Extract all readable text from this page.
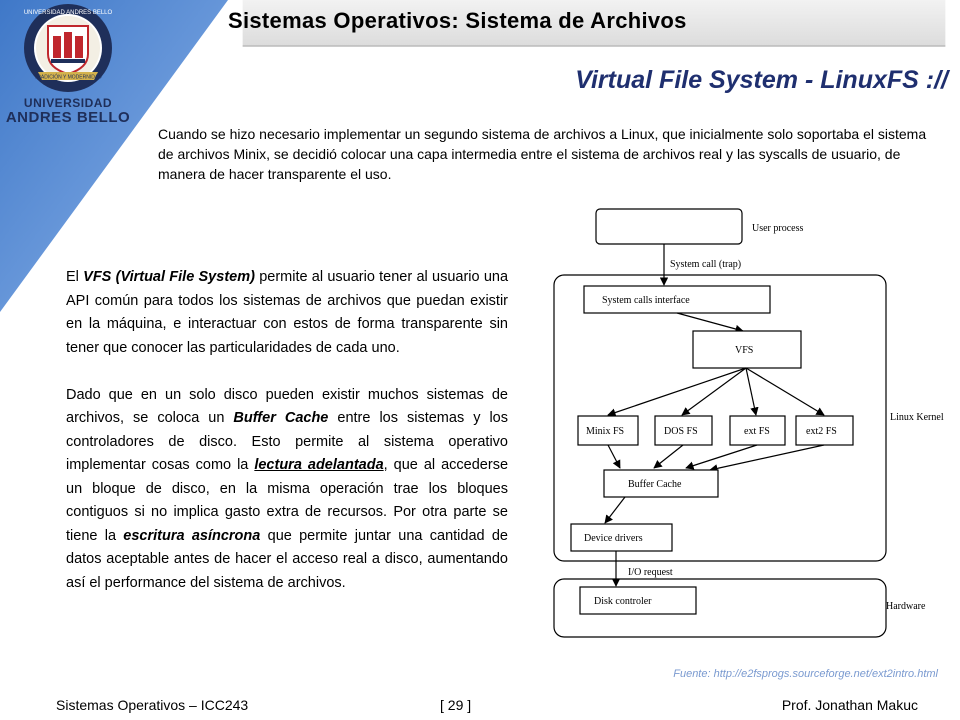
Sistemas Operativos: Sistema de Archivos
TRADICIÓN Y MODERNIDAD
UNIVERSIDAD ANDRES BELLO
UNIVERSIDAD
ANDRES BELLO
Virtual File System - LinuxFS ://
Cuando se hizo necesario implementar un segundo sistema de archivos a Linux, que inicialmente solo soportaba el sistema de archivos Minix, se decidió colocar una capa intermedia entre el sistema de archivos real y las syscalls de usuario, de manera de hacer transparente el uso.

El VFS (Virtual File System) permite al usuario tener al usuario una API común para todos los sistemas de archivos que puedan existir en la máquina, e interactuar con estos de forma transparente sin tener que conocer las particularidades de cada uno.

Dado que en un solo disco pueden existir muchos sistemas de archivos, se coloca un Buffer Cache entre los sistemas y los controladores de disco. Esto permite al sistema operativo implementar cosas como la lectura adelantada, que al accederse un bloque de disco, en la misma operación trae los bloques contiguos si no implica gasto extra de recursos. Por otra parte se tiene la escritura asíncrona que permite juntar una cantidad de datos aceptable antes de hacer el acceso real a disco, aumentando así el performance del sistema de archivos.

User process
Linux Kernel
Hardware
System call (trap)
System calls interface
VFS
Minix FS	DOS FS	ext FS	ext2 FS
Buffer Cache
Device drivers
I/O request
Disk controler
Fuente: http://e2fsprogs.sourceforge.net/ext2intro.html
Sistemas Operativos – ICC243	[ 29 ]	Prof. Jonathan Makuc
